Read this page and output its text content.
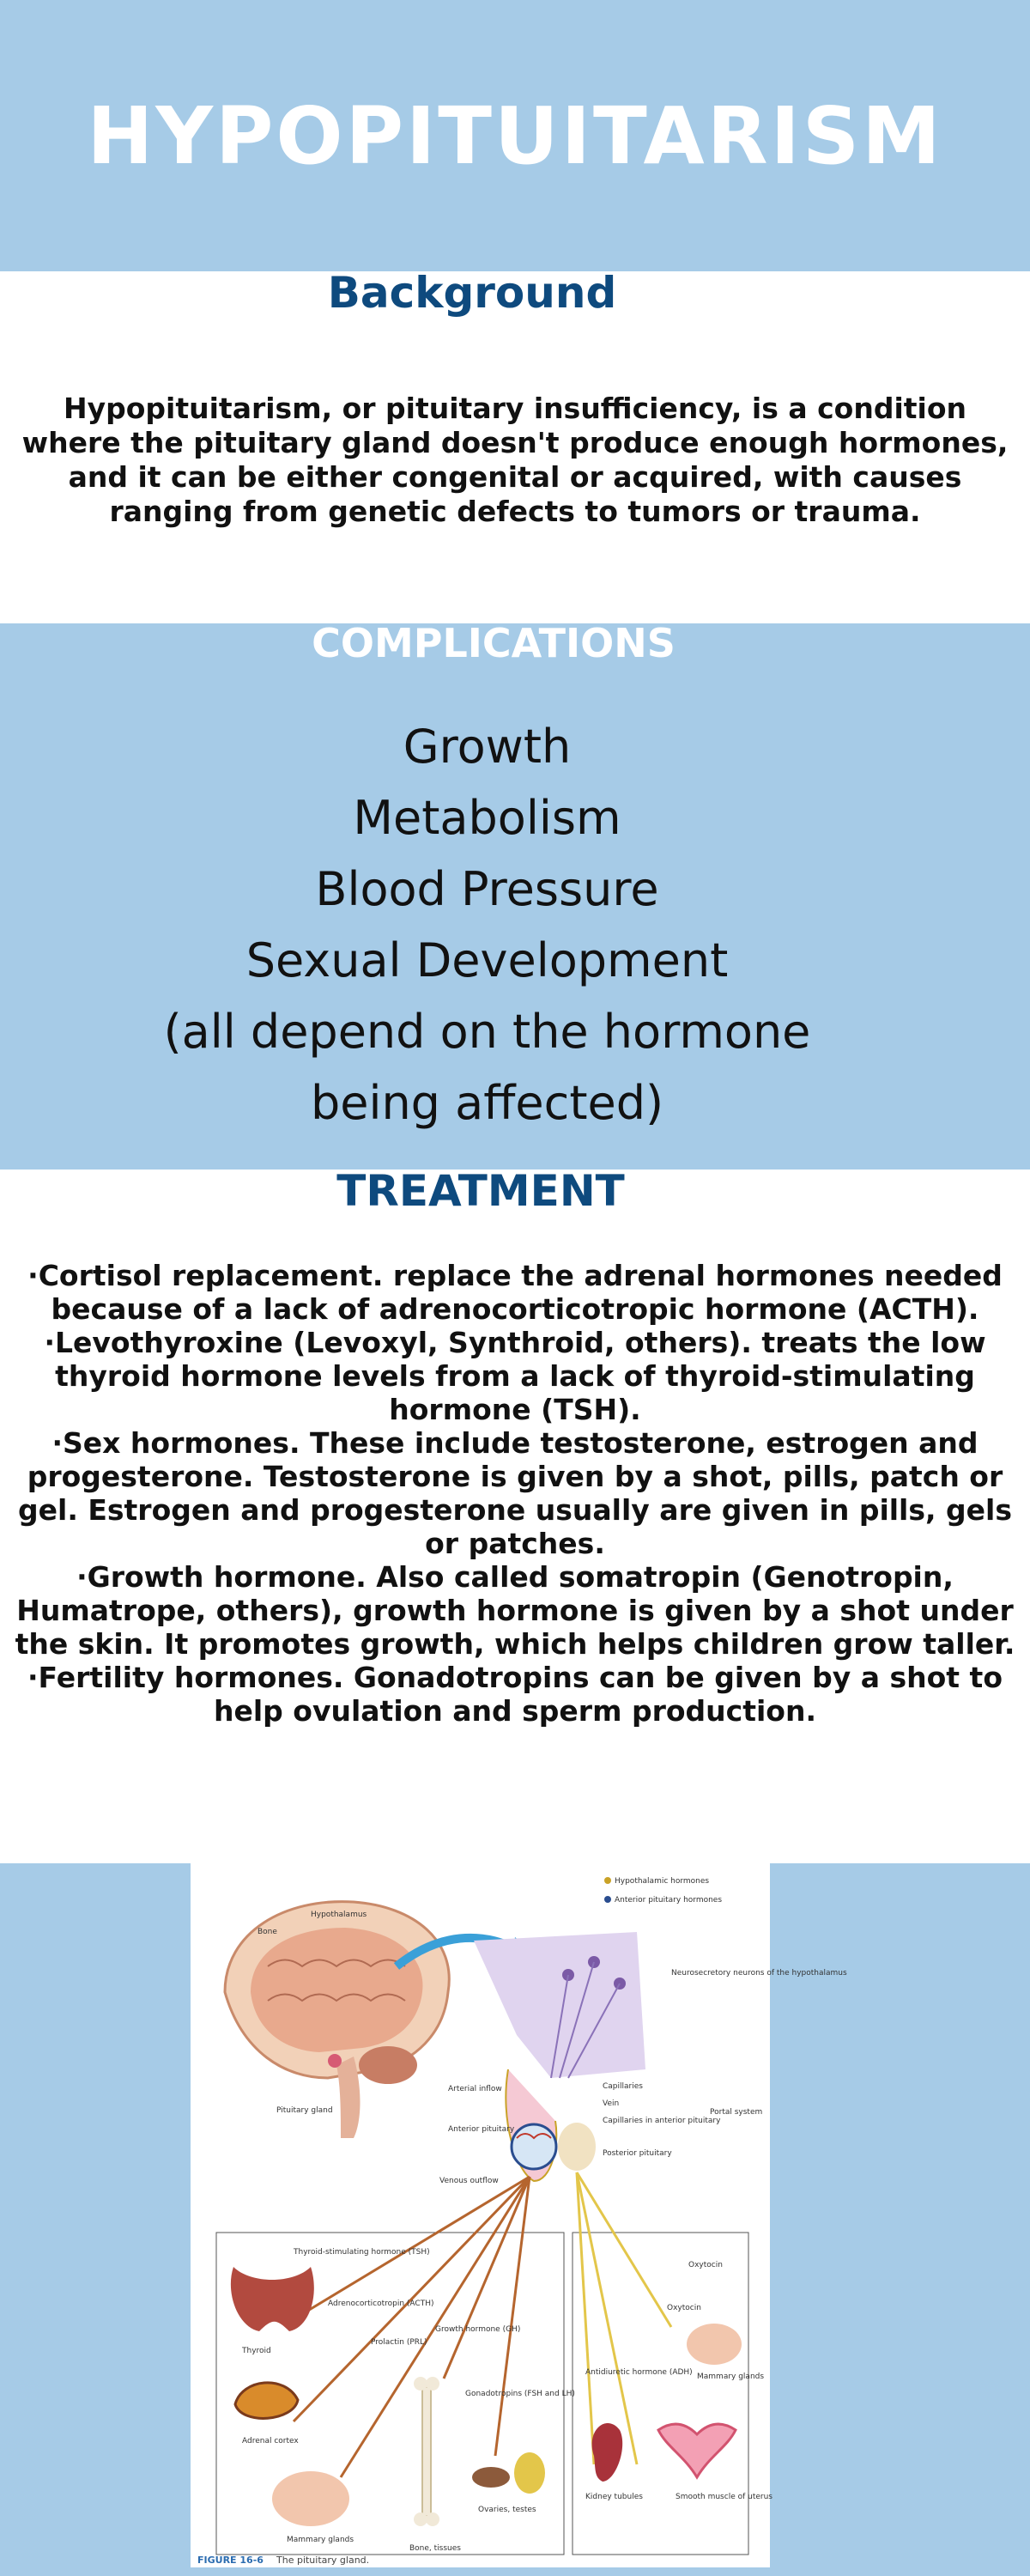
HYPOPITUITARISM
Background

Hypopituitarism, or pituitary insufficiency, is a condition where the pituitary gland doesn't produce enough hormones, and it can be either congenital or acquired, with causes ranging from genetic defects to tumors or trauma.

COMPLICATIONS
Growth
Metabolism
Blood Pressure
Sexual Development
(all depend on the hormone
being affected)
TREATMENT

·Cortisol replacement. replace the adrenal hormones needed because of a lack of adrenocorticotropic hormone (ACTH).

·Levothyroxine (Levoxyl, Synthroid, others). treats the low thyroid hormone levels from a lack of thyroid-stimulating hormone (TSH).

·Sex hormones. These include testosterone, estrogen and progesterone. Testosterone is given by a shot, pills, patch or gel. Estrogen and progesterone usually are given in pills, gels or patches.

·Growth hormone. Also called somatropin (Genotropin, Humatrope, others), growth hormone is given by a shot under the skin. It promotes growth, which helps children grow taller.

·Fertility hormones. Gonadotropins can be given by a shot to help ovulation and sperm production.

Hypothalamic hormones
Anterior pituitary hormones
Bone
Hypothalamus
Pituitary gland
Neurosecretory neurons of the hypothalamus
Arterial inflow	Capillaries
Vein
Capillaries in anterior pituitary
Portal system
Anterior pituitary
Posterior pituitary
Venous outflow
Thyroid-stimulating hormone (TSH)
Adrenocorticotropin (ACTH)
Prolactin (PRL)
Growth hormone (GH)
Gonadotropins (FSH and LH)
Thyroid
Adrenal cortex
Mammary glands
Bone, tissues
Ovaries, testes
Oxytocin
Oxytocin
Mammary glands
Antidiuretic hormone (ADH)
Kidney tubules	Smooth muscle of uterus
FIGURE 16-6 The pituitary gland.
